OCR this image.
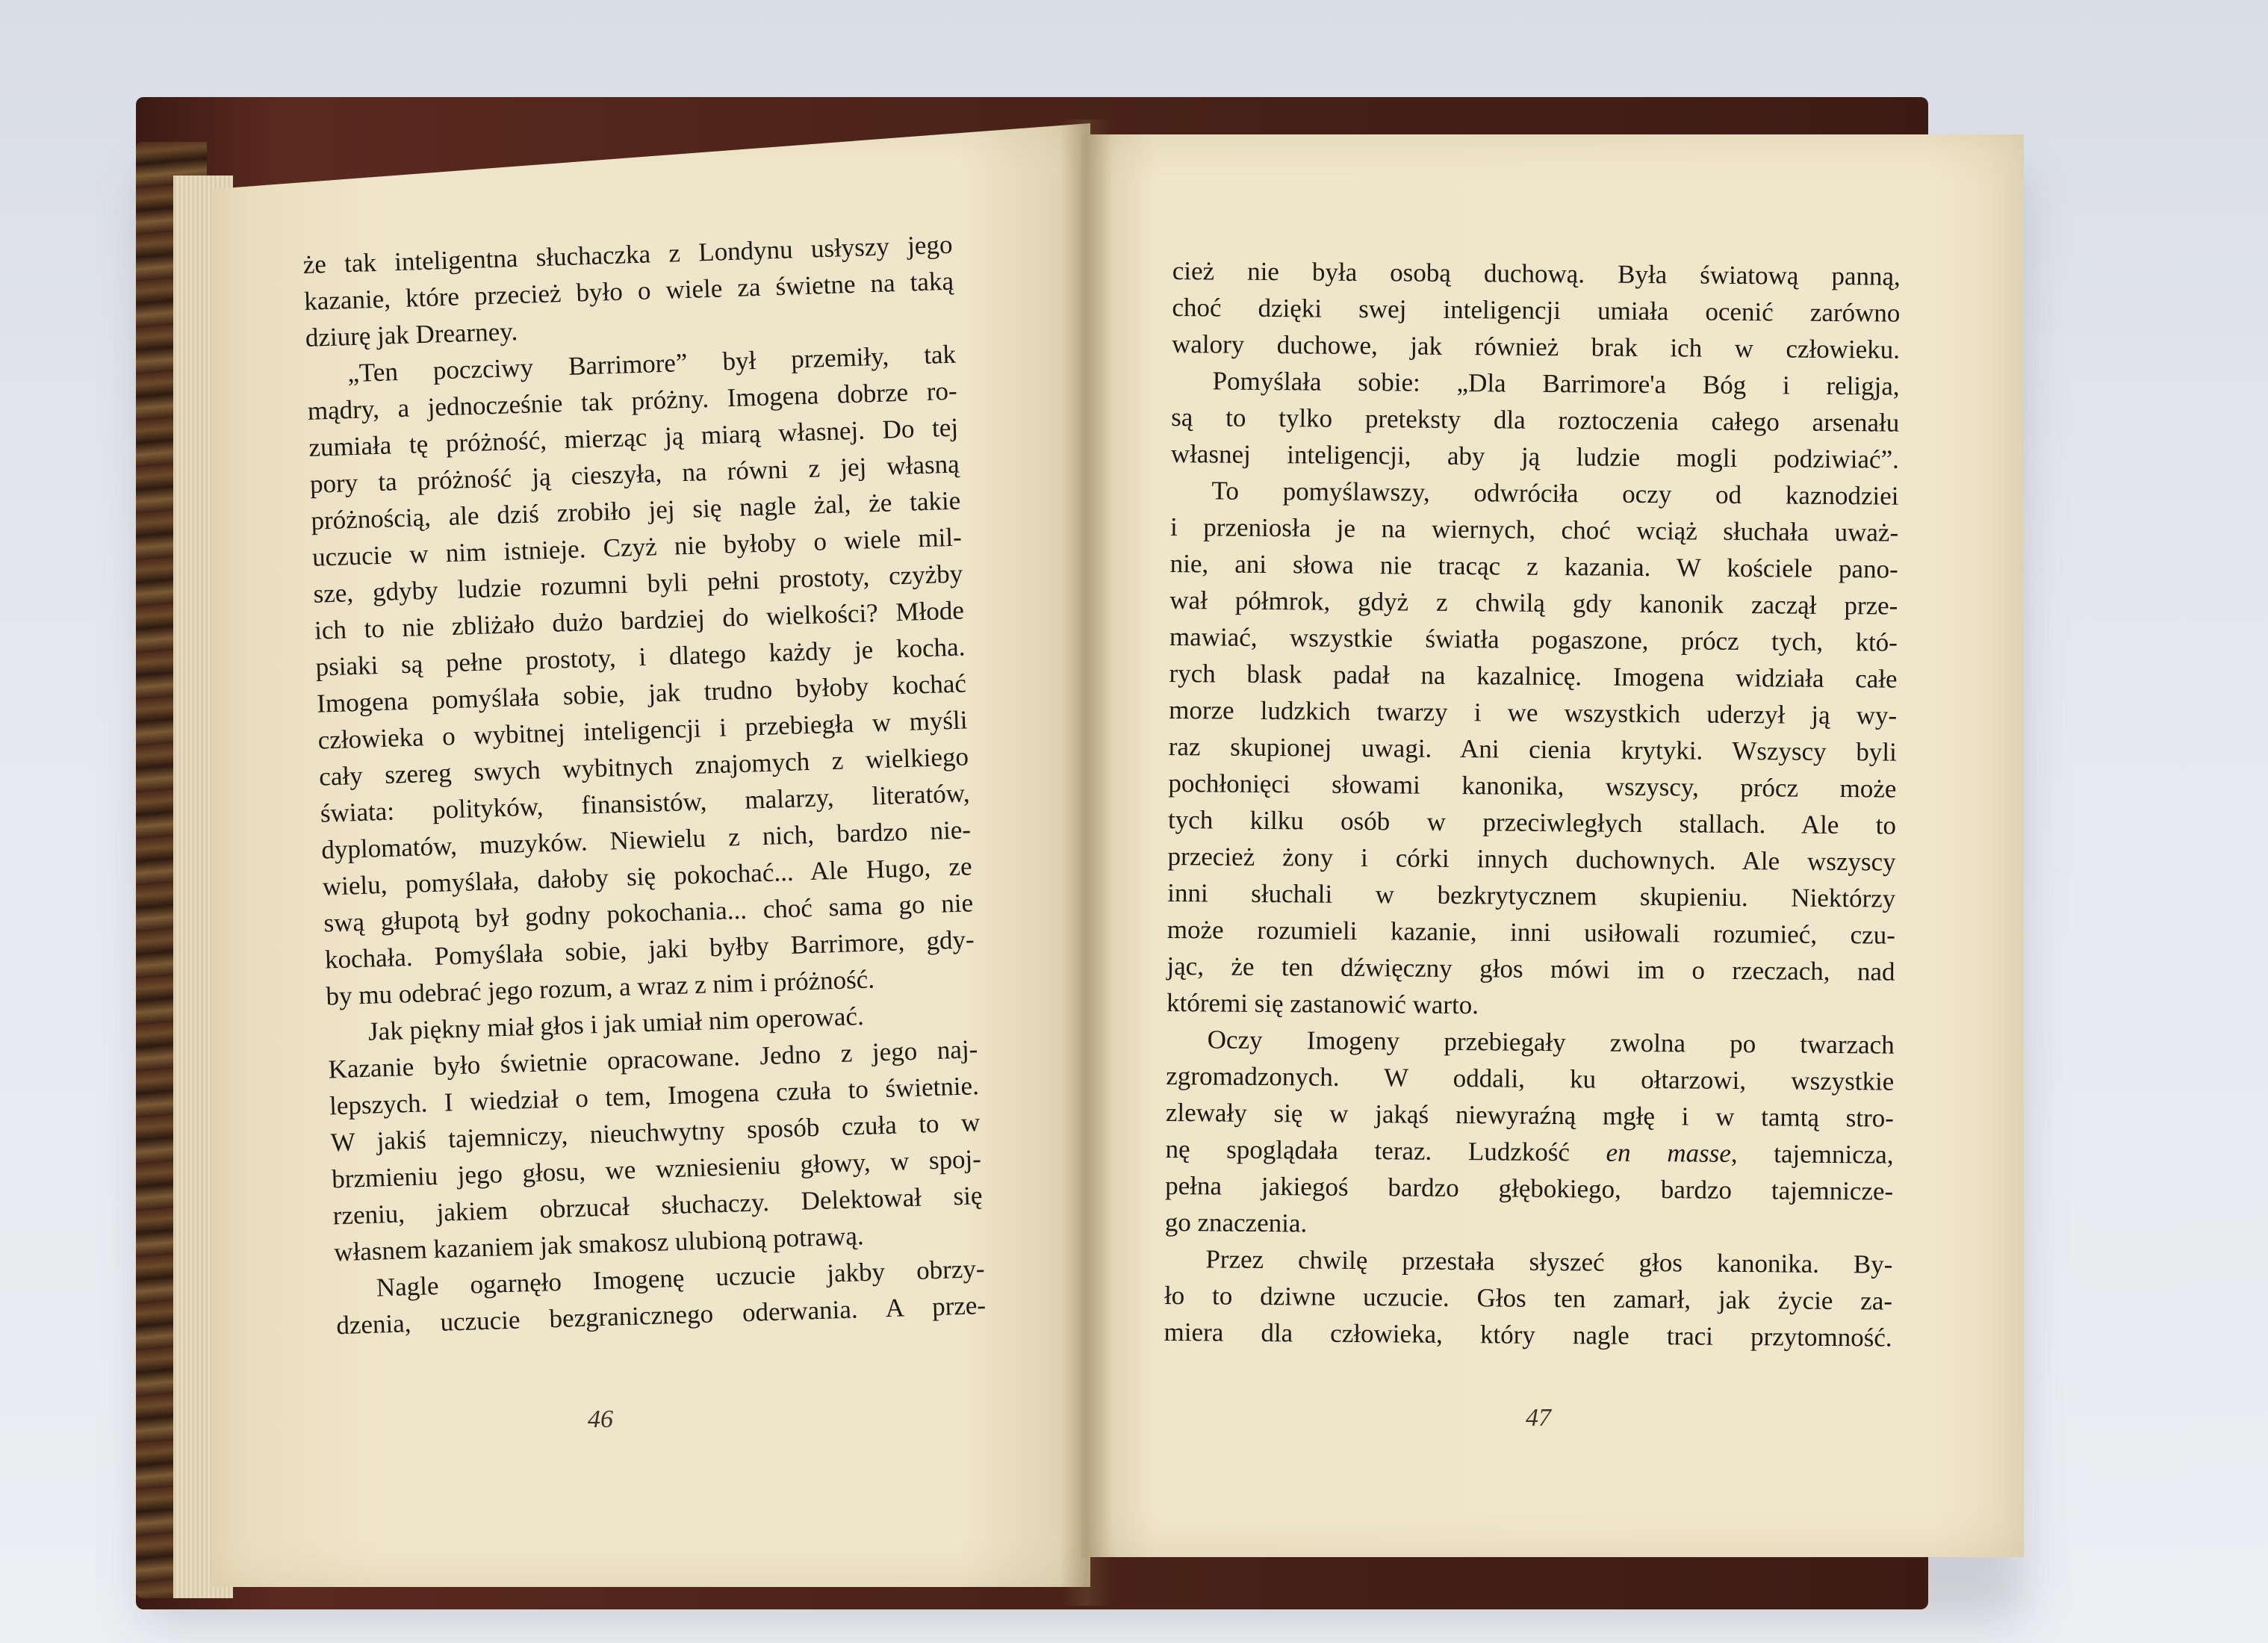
że tak inteligentna słuchaczka z Londynu usłyszy jego
kazanie, które przecież było o wiele za świetne na taką
dziurę jak Drearney.
„Ten poczciwy Barrimore” był przemiły, tak
mądry, a jednocześnie tak próżny. Imogena dobrze ro-
zumiała tę próżność, mierząc ją miarą własnej. Do tej
pory ta próżność ją cieszyła, na równi z jej własną
próżnością, ale dziś zrobiło jej się nagle żal, że takie
uczucie w nim istnieje. Czyż nie byłoby o wiele mil-
sze, gdyby ludzie rozumni byli pełni prostoty, czyżby
ich to nie zbliżało dużo bardziej do wielkości? Młode
psiaki są pełne prostoty, i dlatego każdy je kocha.
Imogena pomyślała sobie, jak trudno byłoby kochać
człowieka o wybitnej inteligencji i przebiegła w myśli
cały szereg swych wybitnych znajomych z wielkiego
świata: polityków, finansistów, malarzy, literatów,
dyplomatów, muzyków. Niewielu z nich, bardzo nie-
wielu, pomyślała, dałoby się pokochać... Ale Hugo, ze
swą głupotą był godny pokochania... choć sama go nie
kochała. Pomyślała sobie, jaki byłby Barrimore, gdy-
by mu odebrać jego rozum, a wraz z nim i próżność.
Jak piękny miał głos i jak umiał nim operować.
Kazanie było świetnie opracowane. Jedno z jego naj-
lepszych. I wiedział o tem, Imogena czuła to świetnie.
W jakiś tajemniczy, nieuchwytny sposób czuła to w
brzmieniu jego głosu, we wzniesieniu głowy, w spoj-
rzeniu, jakiem obrzucał słuchaczy. Delektował się
własnem kazaniem jak smakosz ulubioną potrawą.
Nagle ogarnęło Imogenę uczucie jakby obrzy-
dzenia, uczucie bezgranicznego oderwania. A prze-
46
cież nie była osobą duchową. Była światową panną,
choć dzięki swej inteligencji umiała ocenić zarówno
walory duchowe, jak również brak ich w człowieku.
Pomyślała sobie: „Dla Barrimore'a Bóg i religja,
są to tylko preteksty dla roztoczenia całego arsenału
własnej inteligencji, aby ją ludzie mogli podziwiać”.
To pomyślawszy, odwróciła oczy od kaznodziei
i przeniosła je na wiernych, choć wciąż słuchała uważ-
nie, ani słowa nie tracąc z kazania. W kościele pano-
wał półmrok, gdyż z chwilą gdy kanonik zaczął prze-
mawiać, wszystkie światła pogaszone, prócz tych, któ-
rych blask padał na kazalnicę. Imogena widziała całe
morze ludzkich twarzy i we wszystkich uderzył ją wy-
raz skupionej uwagi. Ani cienia krytyki. Wszyscy byli
pochłonięci słowami kanonika, wszyscy, prócz może
tych kilku osób w przeciwległych stallach. Ale to
przecież żony i córki innych duchownych. Ale wszyscy
inni słuchali w bezkrytycznem skupieniu. Niektórzy
może rozumieli kazanie, inni usiłowali rozumieć, czu-
jąc, że ten dźwięczny głos mówi im o rzeczach, nad
któremi się zastanowić warto.
Oczy Imogeny przebiegały zwolna po twarzach
zgromadzonych. W oddali, ku ołtarzowi, wszystkie
zlewały się w jakąś niewyraźną mgłę i w tamtą stro-
nę spoglądała teraz. Ludzkość en masse, tajemnicza,
pełna jakiegoś bardzo głębokiego, bardzo tajemnicze-
go znaczenia.
Przez chwilę przestała słyszeć głos kanonika. By-
ło to dziwne uczucie. Głos ten zamarł, jak życie za-
miera dla człowieka, który nagle traci przytomność.
47
